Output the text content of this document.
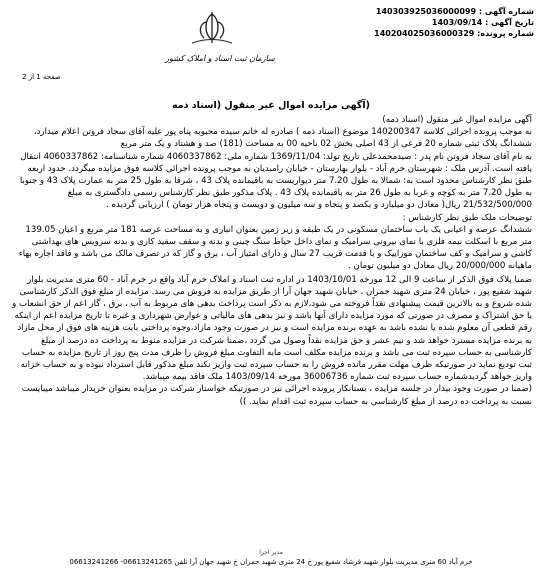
شماره آگهی : 140303925036000099
تاریخ آگهی : 1403/09/14
شماره پرونده: 140204025036000329
سازمان ثبت اسناد و املاک کشور
صفحه 1 از 2
(آگهی مزایده اموال غیر منقول (اسناد ذمه

آگهی مزایده اموال غیر منقول (اسناد ذمه)

به موجب پرونده اجرائی کلاسه 140200347 موضوع (اسناد ذمه ) صادره له خانم سیده محبوبه پناه پور علیه آقای سجاد فروتن اعلام میدارد،

ششدانگ پلاک ثبتی شماره 20 فرعی از 43 اصلی بخش 02 ناحیه 00 به مساحت (181) صد و هشتاد و یک متر مربع

به نام آقای سجاد فروتن نام پدر : صیدمحمدعلی تاریخ تولد: 1369/11/04 شماره ملی: 4060337862 شماره شناسنامه: 4060337862 انتقال یافته است. آدرس ملک : شهرستان خرم آباد - بلوار بهارستان - خیابان رامبدیان به موجب پرونده اجرائی کلاسه فوق مزایده میگردد. حدود اربعه طبق نظر کارشناس محدود است به: شمالا به طول 7.20 متر دیواریست به باقیمانده پلاک 43 ، شرقا به طول 25 متر به عمارت پلاک 43 و جنوبا به طول 7.20 متر به کوچه و غربا به طول 26 متر به باقیمانده پلاک 43 . پلاک مذکور طبق نظر کارشناس رسمی دادگستری به مبلغ 21/532/500/000 ریال( معادل دو میلیارد و یکصد و پنجاه و سه میلیون و دویست و پنجاه هزار تومان ) ارزیابی گردیده .

توضیحات ملک طبق نظر کارشناس :

ششدانگ عرصه و اعیانی یک باب ساختمان مسکونی در یک طبقه و زیر زمین بعنوان انباری و به مساحت عرصه 181 متر مربع و اعیان 139.05 متر مربع با اسکلت نیمه فلزی با نمای بیرونی سرامیک و نمای داخل حیاط سنگ چینی و بدنه و سقف سفید کاری و بدنه سرویس های بهداشتی کاشی و سرامیک و کف ساختمان موزاییک و با قدمت قریب 27 سال و دارای امتیاز آب ، برق و گاز که در تصرف مالک می باشد و فاقد اجاره بهاء ماهیانه 20/000/000 ریال معادل دو میلیون تومان .

ضمنا پلاک فوق الذکر از ساعت 9 الی 12 مورخه 1403/10/01 در اداره ثبت اسناد و املاک خرم آباد واقع در خرم آباد - 60 متری مدیریت بلوار شهید شفیع پور ، خیابان 24 متری شهید جمران ، خیابان شهید جهان آرا از طریق مزایده به فروش می رسد. مزایده از مبلغ فوق الذکر کارشناسی شده شروع و به بالاترین قیمت پیشنهادی نقداً فروخته می شود،لازم به ذکر است پرداخت بدهی های مربوط به آب ، برق ، گاز اعم از حق انشعاب و یا حق اشتراک و مصرف در صورتی که مورد مزایده دارای آنها باشد و نیز بدهی های مالیاتی و عوارض شهرداری و غیره تا تاریخ مزایده اعم از اینکه رقم قطعی آن معلوم شده یا نشده باشد به عهده برنده مزایده است و نیز در صورت وجود مازاد،وجوه پرداختی بابت هزینه های فوق از محل مازاد به برنده مزایده مسترد خواهد شد و نیم عشر و حق مزایده نقداً وصول می گردد ،ضمنا شرکت در مزایده منوط به پرداخت ده درصد از مبلغ کارشناسی به حساب سپرده ثبت می باشد و برنده مزایده مکلف است مابه التفاوت مبلغ فروش را ظرف مدت پنج روز از تاریخ مزایده به حساب ثبت تودیع نماید در صورتیکه ظرف مهلت مقرر مانده فروش را به حساب سپرده ثبت واریز نکند مبلغ مذکور قابل استرداد نبوده و به حساب خزانه واریز خواهد گردیدشماره حساب سپرده ثبت شماره 36006736 مورخه 1403/09/14 ملک فاقد بیمه میباشد.

(ضمنا در صورت وجود بیدار در جلسه مزایده ، بستانکار پرونده اجرائی نیز در صورتیکه خواستار شرکت در مزایده بعنوان خریدار میباشد میبایست نسبت به پرداخت ده درصد از مبلغ کارشناسی به حساب سپرده ثبت اقدام نماید. ))

مدیر اجرا
خرم آباد 60 متری مدیریت بلوار شهید فرشاد شفیع پور خ 24 متری شهید جمران خ شهید جهان آرا تلفن 06613241265- 06613241266
